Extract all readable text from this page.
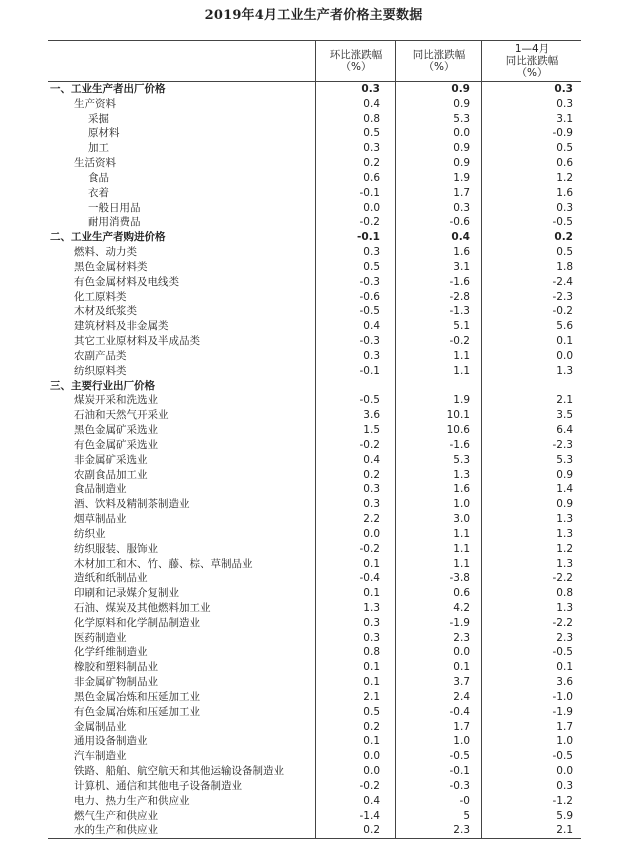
2019年4月工业生产者价格主要数据
环比涨跌幅
（%）
同比涨跌幅
（%）
1—4月
同比涨跌幅
（%）
一、工业生产者出厂价格	0.3	0.9	0.3
生产资料	0.4	0.9	0.3
采掘	0.8	5.3	3.1
原材料	0.5	0.0	-0.9
加工	0.3	0.9	0.5
生活资料	0.2	0.9	0.6
食品	0.6	1.9	1.2
衣着	-0.1	1.7	1.6
一般日用品	0.0	0.3	0.3
耐用消费品	-0.2	-0.6	-0.5
二、工业生产者购进价格	-0.1	0.4	0.2
燃料、动力类	0.3	1.6	0.5
黑色金属材料类	0.5	3.1	1.8
有色金属材料及电线类	-0.3	-1.6	-2.4
化工原料类	-0.6	-2.8	-2.3
木材及纸浆类	-0.5	-1.3	-0.2
建筑材料及非金属类	0.4	5.1	5.6
其它工业原材料及半成品类	-0.3	-0.2	0.1
农副产品类	0.3	1.1	0.0
纺织原料类	-0.1	1.1	1.3
三、主要行业出厂价格
煤炭开采和洗选业	-0.5	1.9	2.1
石油和天然气开采业	3.6	10.1	3.5
黑色金属矿采选业	1.5	10.6	6.4
有色金属矿采选业	-0.2	-1.6	-2.3
非金属矿采选业	0.4	5.3	5.3
农副食品加工业	0.2	1.3	0.9
食品制造业	0.3	1.6	1.4
酒、饮料及精制茶制造业	0.3	1.0	0.9
烟草制品业	2.2	3.0	1.3
纺织业	0.0	1.1	1.3
纺织服装、服饰业	-0.2	1.1	1.2
木材加工和木、竹、藤、棕、草制品业	0.1	1.1	1.3
造纸和纸制品业	-0.4	-3.8	-2.2
印刷和记录媒介复制业	0.1	0.6	0.8
石油、煤炭及其他燃料加工业	1.3	4.2	1.3
化学原料和化学制品制造业	0.3	-1.9	-2.2
医药制造业	0.3	2.3	2.3
化学纤维制造业	0.8	0.0	-0.5
橡胶和塑料制品业	0.1	0.1	0.1
非金属矿物制品业	0.1	3.7	3.6
黑色金属冶炼和压延加工业	2.1	2.4	-1.0
有色金属冶炼和压延加工业	0.5	-0.4	-1.9
金属制品业	0.2	1.7	1.7
通用设备制造业	0.1	1.0	1.0
汽车制造业	0.0	-0.5	-0.5
铁路、船舶、航空航天和其他运输设备制造业	0.0	-0.1	0.0
计算机、通信和其他电子设备制造业	-0.2	-0.3	0.3
电力、热力生产和供应业	0.4	-0	-1.2
燃气生产和供应业	-1.4	5	5.9
水的生产和供应业	0.2	2.3	2.1
